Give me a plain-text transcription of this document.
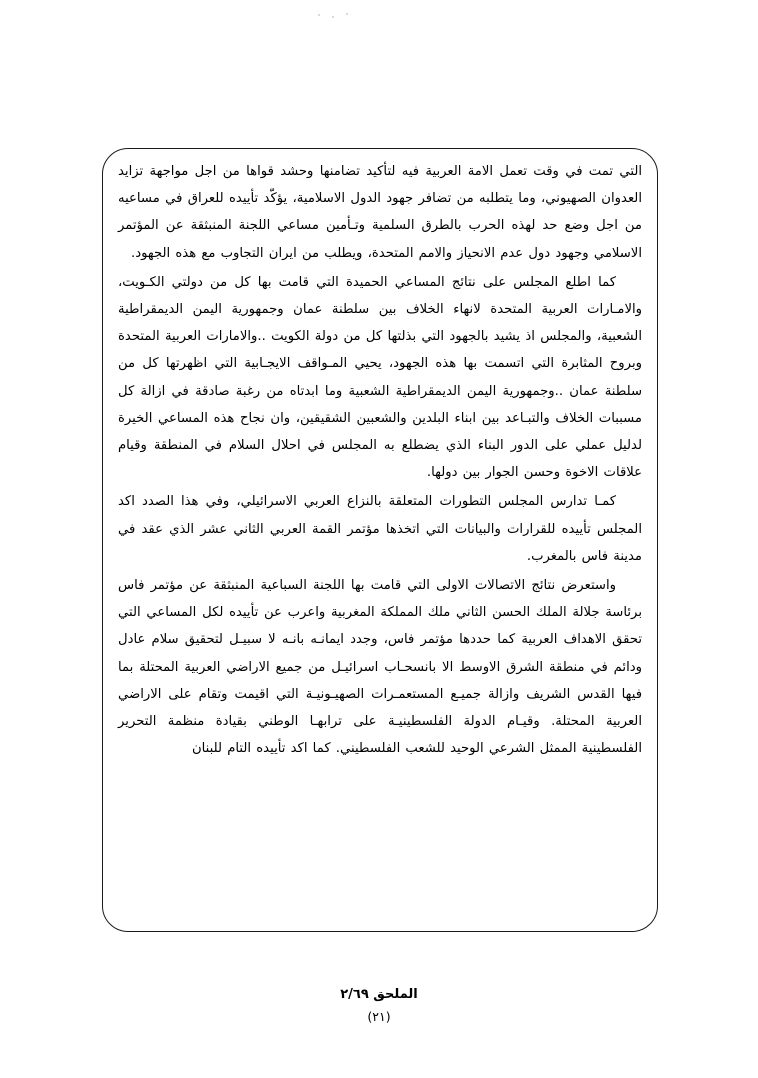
التي تمت في وقت تعمل الامة العربية فيه لتأكيد تضامنها وحشد قواها من اجل مواجهة تزايد العدوان الصهيوني، وما يتطلبه من تضافر جهود الدول الاسلامية، يؤكّد تأييده للعراق في مساعيه من اجل وضع حد لهذه الحرب بالطرق السلمية وتـأمين مساعي اللجنة المنبثقة عن المؤتمر الاسلامي وجهود دول عدم الانحياز والامم المتحدة، ويطلب من ايران التجاوب مع هذه الجهود.

كما اطلع المجلس على نتائج المساعي الحميدة التي قامت بها كل من دولتي الكـويت، والامـارات العربية المتحدة لانهاء الخلاف بين سلطنة عمان وجمهورية اليمن الديمقراطية الشعبية، والمجلس اذ يشيد بالجهود التي بذلتها كل من دولة الكويت ..والامارات العربية المتحدة وبروح المثابرة التي اتسمت بها هذه الجهود، يحيي المـواقف الايجـابية التي اظهرتها كل من سلطنة عمان ..وجمهورية اليمن الديمقراطية الشعبية وما ابدتاه من رغبة صادقة في ازالة كل مسببات الخلاف والتبـاعد بين ابناء البلدين والشعبين الشقيقين، وان نجاح هذه المساعي الخيرة لدليل عملي على الدور البناء الذي يضطلع به المجلس في احلال السلام في المنطقة وقيام علاقات الاخوة وحسن الجوار بين دولها.

كمـا تدارس المجلس التطورات المتعلقة بالنزاع العربي الاسرائيلي، وفي هذا الصدد اكد المجلس تأييده للقرارات والبيانات التي اتخذها مؤتمر القمة العربي الثاني عشر الذي عقد في مدينة فاس بالمغرب.

واستعرض نتائج الاتصالات الاولى التي قامت بها اللجنة السباعية المنبثقة عن مؤتمر فاس برئاسة جلالة الملك الحسن الثاني ملك المملكة المغربية واعرب عن تأييده لكل المساعي التي تحقق الاهداف العربية كما حددها مؤتمر فاس، وجدد ايمانـه بانـه لا سبيـل لتحقيق سلام عادل ودائم في منطقة الشرق الاوسط الا بانسحـاب اسرائيـل من جميع الاراضي العربية المحتلة بما فيها القدس الشريف وازالة جميـع المستعمـرات الصهيـونيـة التي اقيمت وتقام على الاراضي العربية المحتلة. وقيـام الدولة الفلسطينيـة على ترابهـا الوطني بقيادة منظمة التحرير الفلسطينية الممثل الشرعي الوحيد للشعب الفلسطيني. كما اكد تأييده التام للبنان

الملحق ٢/٦٩
(٢١)
